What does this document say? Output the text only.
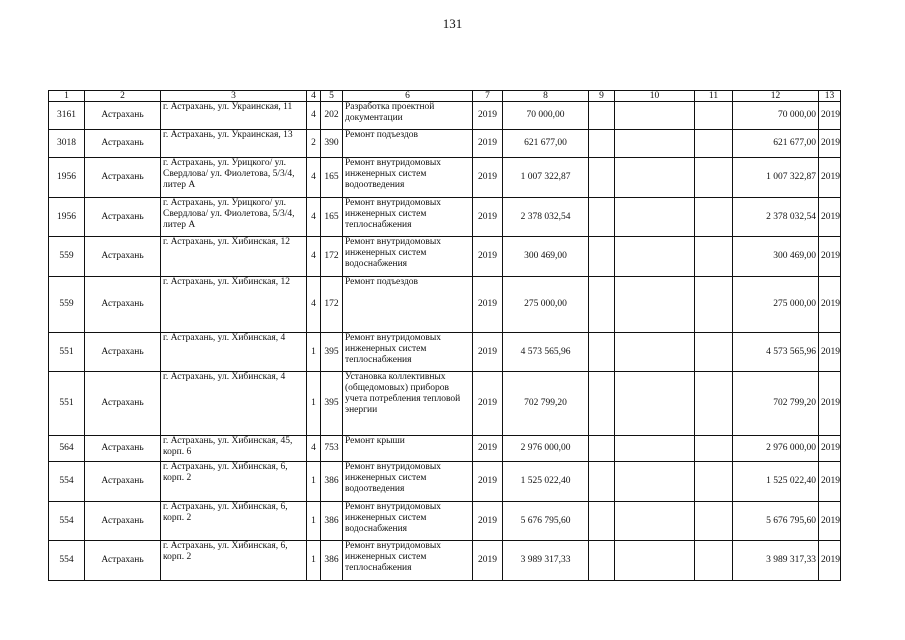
131
1	2	3	4	5	6	7	8	9	10	11	12	13
3161	Астрахань	г. Астрахань, ул. Украинская, 11	4	202	Разработка проектной документации	2019	70 000,00				70 000,00	2019
3018	Астрахань	г. Астрахань, ул. Украинская, 13	2	390	Ремонт подъездов	2019	621 677,00				621 677,00	2019
1956	Астрахань	г. Астрахань, ул. Урицкого/ ул. Свердлова/ ул. Фиолетова, 5/3/4, литер А	4	165	Ремонт внутридомовых инженерных систем водоотведения	2019	1 007 322,87				1 007 322,87	2019
1956	Астрахань	г. Астрахань, ул. Урицкого/ ул. Свердлова/ ул. Фиолетова, 5/3/4, литер А	4	165	Ремонт внутридомовых инженерных систем теплоснабжения	2019	2 378 032,54				2 378 032,54	2019
559	Астрахань	г. Астрахань, ул. Хибинская, 12	4	172	Ремонт внутридомовых инженерных систем водоснабжения	2019	300 469,00				300 469,00	2019
559	Астрахань	г. Астрахань, ул. Хибинская, 12	4	172	Ремонт подъездов	2019	275 000,00				275 000,00	2019
551	Астрахань	г. Астрахань, ул. Хибинская, 4	1	395	Ремонт внутридомовых инженерных систем теплоснабжения	2019	4 573 565,96				4 573 565,96	2019
551	Астрахань	г. Астрахань, ул. Хибинская, 4	1	395	Установка коллективных (общедомовых) приборов учета потребления тепловой энергии	2019	702 799,20				702 799,20	2019
564	Астрахань	г. Астрахань, ул. Хибинская, 45, корп. 6	4	753	Ремонт крыши	2019	2 976 000,00				2 976 000,00	2019
554	Астрахань	г. Астрахань, ул. Хибинская, 6, корп. 2	1	386	Ремонт внутридомовых инженерных систем водоотведения	2019	1 525 022,40				1 525 022,40	2019
554	Астрахань	г. Астрахань, ул. Хибинская, 6, корп. 2	1	386	Ремонт внутридомовых инженерных систем водоснабжения	2019	5 676 795,60				5 676 795,60	2019
554	Астрахань	г. Астрахань, ул. Хибинская, 6, корп. 2	1	386	Ремонт внутридомовых инженерных систем теплоснабжения	2019	3 989 317,33				3 989 317,33	2019
